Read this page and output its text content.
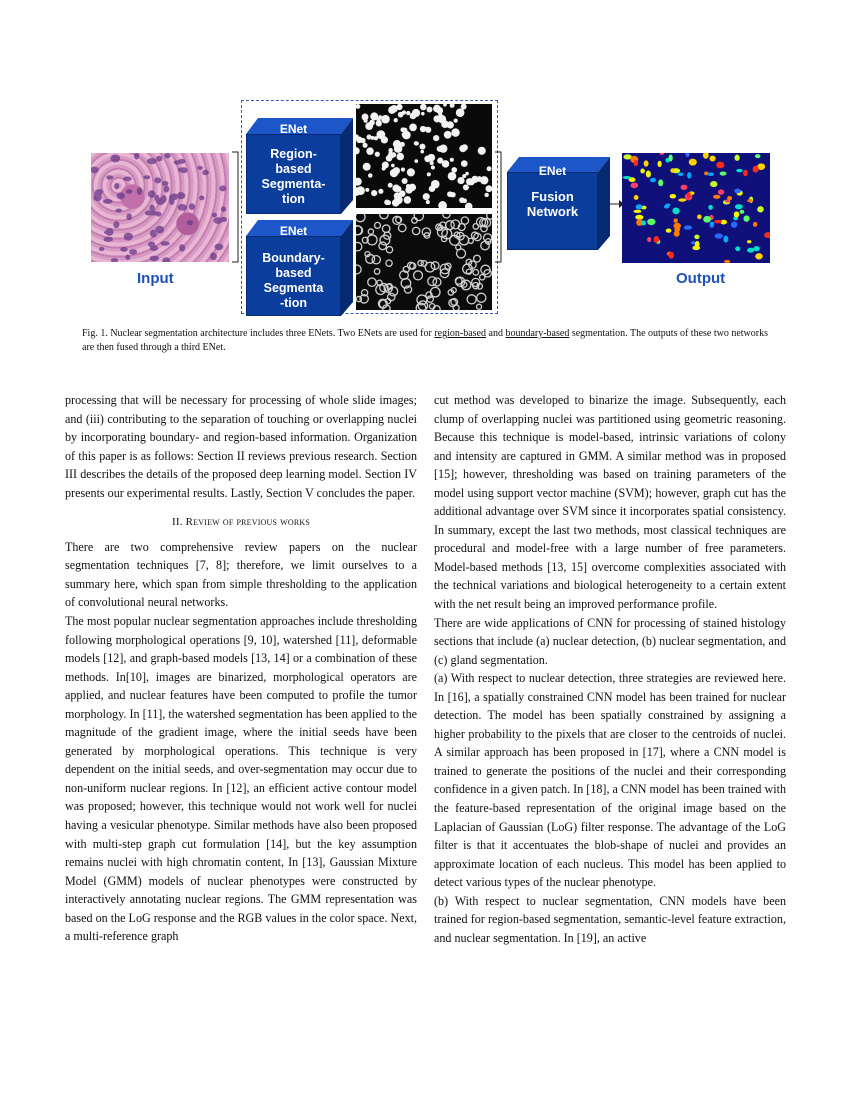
Input
ENet
Region-
based
Segmenta-
tion
ENet
Boundary-
based
Segmenta
-tion
ENet
Fusion
Network
Output
Fig. 1. Nuclear segmentation architecture includes three ENets. Two ENets are used for region-based and boundary-based segmentation. The outputs of these two networks are then fused through a third ENet.

processing that will be necessary for processing of whole slide images; and (iii) contributing to the separation of touching or overlapping nuclei by incorporating boundary- and region-based information. Organization of this paper is as follows: Section II reviews previous research. Section III describes the details of the proposed deep learning model. Section IV presents our experimental results. Lastly, Section V concludes the paper.

II. Review of previous works

There are two comprehensive review papers on the nuclear segmentation techniques [7, 8]; therefore, we limit ourselves to a summary here, which span from simple thresholding to the application of convolutional neural networks.

The most popular nuclear segmentation approaches include thresholding following morphological operations [9, 10], watershed [11], deformable models [12], and graph-based models [13, 14] or a combination of these methods. In[10], images are binarized, morphological operators are applied, and nuclear features have been computed to profile the tumor morphology. In [11], the watershed segmentation has been applied to the magnitude of the gradient image, where the initial seeds have been generated by morphological operations. This technique is very dependent on the initial seeds, and over-segmentation may occur due to non-uniform nuclear regions. In [12], an efficient active contour model was proposed; however, this technique would not work well for nuclei having a vesicular phenotype. Similar methods have also been proposed with multi-step graph cut formulation [14], but the key assumption remains nuclei with high chromatin content, In [13], Gaussian Mixture Model (GMM) models of nuclear phenotypes were constructed by interactively annotating nuclear regions. The GMM representation was based on the LoG response and the RGB values in the color space. Next, a multi-reference graph

cut method was developed to binarize the image. Subsequently, each clump of overlapping nuclei was partitioned using geometric reasoning. Because this technique is model-based, intrinsic variations of colony and intensity are captured in GMM. A similar method was in proposed [15]; however, thresholding was based on training parameters of the model using support vector machine (SVM); however, graph cut has the additional advantage over SVM since it incorporates spatial consistency. In summary, except the last two methods, most classical techniques are procedural and model-free with a large number of free parameters. Model-based methods [13, 15] overcome complexities associated with the technical variations and biological heterogeneity to a certain extent with the net result being an improved performance profile.

There are wide applications of CNN for processing of stained histology sections that include (a) nuclear detection, (b) nuclear segmentation, and (c) gland segmentation.

(a) With respect to nuclear detection, three strategies are reviewed here. In [16], a spatially constrained CNN model has been trained for nuclear detection. The model has been spatially constrained by assigning a higher probability to the pixels that are closer to the centroids of nuclei. A similar approach has been proposed in [17], where a CNN model is trained to generate the positions of the nuclei and their corresponding confidence in a given patch. In [18], a CNN model has been trained with the feature-based representation of the original image based on the Laplacian of Gaussian (LoG) filter response. The advantage of the LoG filter is that it accentuates the blob-shape of nuclei and provides an approximate location of each nucleus. This model has been applied to detect various types of the nuclear phenotype.

(b) With respect to nuclear segmentation, CNN models have been trained for region-based segmentation, semantic-level feature extraction, and nuclear segmentation. In [19], an active
